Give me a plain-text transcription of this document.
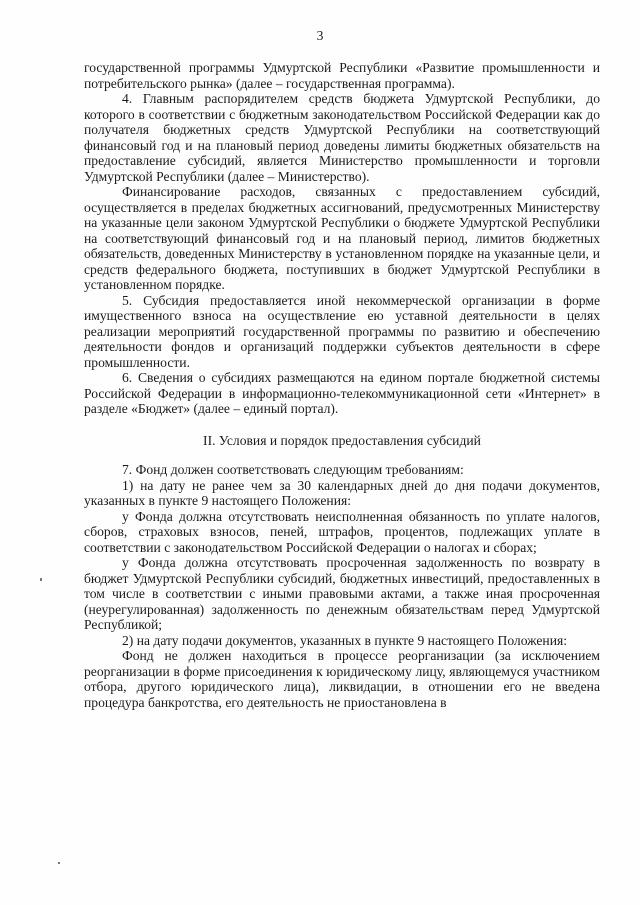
3

государственной программы Удмуртской Республики «Развитие промышленности и потребительского рынка» (далее – государственная программа).

4. Главным распорядителем средств бюджета Удмуртской Республики, до которого в соответствии с бюджетным законодательством Российской Федерации как до получателя бюджетных средств Удмуртской Республики на соответствующий финансовый год и на плановый период доведены лимиты бюджетных обязательств на предоставление субсидий, является Министерство промышленности и торговли Удмуртской Республики (далее – Министерство).

Финансирование расходов, связанных с предоставлением субсидий, осуществляется в пределах бюджетных ассигнований, предусмотренных Министерству на указанные цели законом Удмуртской Республики о бюджете Удмуртской Республики на соответствующий финансовый год и на плановый период, лимитов бюджетных обязательств, доведенных Министерству в установленном порядке на указанные цели, и средств федерального бюджета, поступивших в бюджет Удмуртской Республики в установленном порядке.

5. Субсидия предоставляется иной некоммерческой организации в форме имущественного взноса на осуществление ею уставной деятельности в целях реализации мероприятий государственной программы по развитию и обеспечению деятельности фондов и организаций поддержки субъектов деятельности в сфере промышленности.

6. Сведения о субсидиях размещаются на едином портале бюджетной системы Российской Федерации в информационно-телекоммуникационной сети «Интернет» в разделе «Бюджет» (далее – единый портал).

II. Условия и порядок предоставления субсидий

7. Фонд должен соответствовать следующим требованиям:

1) на дату не ранее чем за 30 календарных дней до дня подачи документов, указанных в пункте 9 настоящего Положения:

у Фонда должна отсутствовать неисполненная обязанность по уплате налогов, сборов, страховых взносов, пеней, штрафов, процентов, подлежащих уплате в соответствии с законодательством Российской Федерации о налогах и сборах;

у Фонда должна отсутствовать просроченная задолженность по возврату в бюджет Удмуртской Республики субсидий, бюджетных инвестиций, предоставленных в том числе в соответствии с иными правовыми актами, а также иная просроченная (неурегулированная) задолженность по денежным обязательствам перед Удмуртской Республикой;

2) на дату подачи документов, указанных в пункте 9 настоящего Положения:

Фонд не должен находиться в процессе реорганизации (за исключением реорганизации в форме присоединения к юридическому лицу, являющемуся участником отбора, другого юридического лица), ликвидации, в отношении его не введена процедура банкротства, его деятельность не приостановлена в
